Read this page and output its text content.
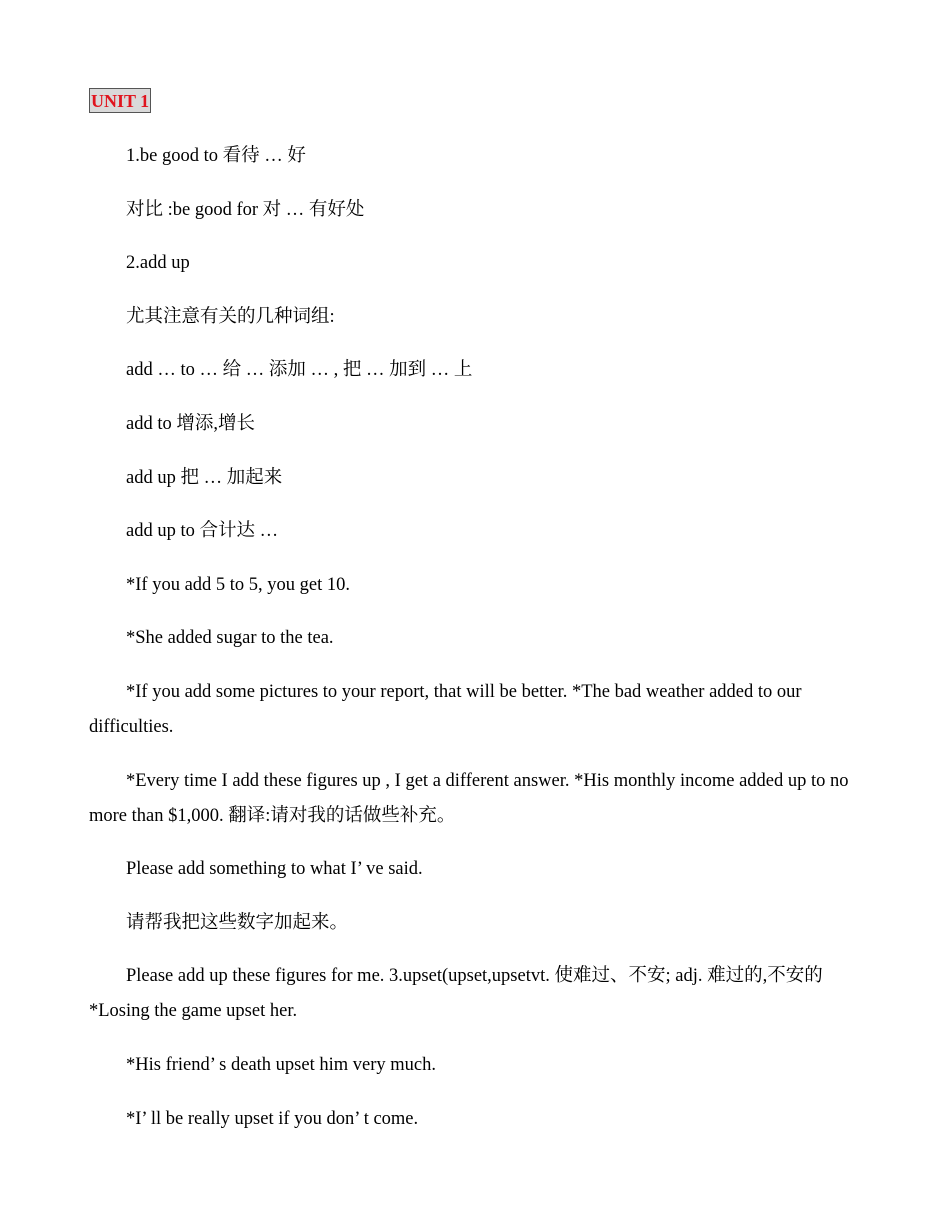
UNIT 1

1.be good to 看待 … 好

对比 :be good for 对 … 有好处

2.add up

尤其注意有关的几种词组:

add … to … 给 … 添加 … , 把 … 加到 … 上

add to 增添,增长

add up 把 … 加起来

add up to 合计达 …

*If you add 5 to 5, you get 10.

*She added sugar to the tea.

*If you add some pictures to your report, that will be better. *The bad weather added to our difficulties.

*Every time I add these figures up , I get a different answer. *His monthly income added up to no more than $1,000. 翻译:请对我的话做些补充。

Please add something to what I’ ve said.

请帮我把这些数字加起来。

Please add up these figures for me. 3.upset(upset,upsetvt. 使难过、不安; adj. 难过的,不安的 *Losing the game upset her.

*His friend’ s death upset him very much.

*I’ ll be really upset if you don’ t come.
